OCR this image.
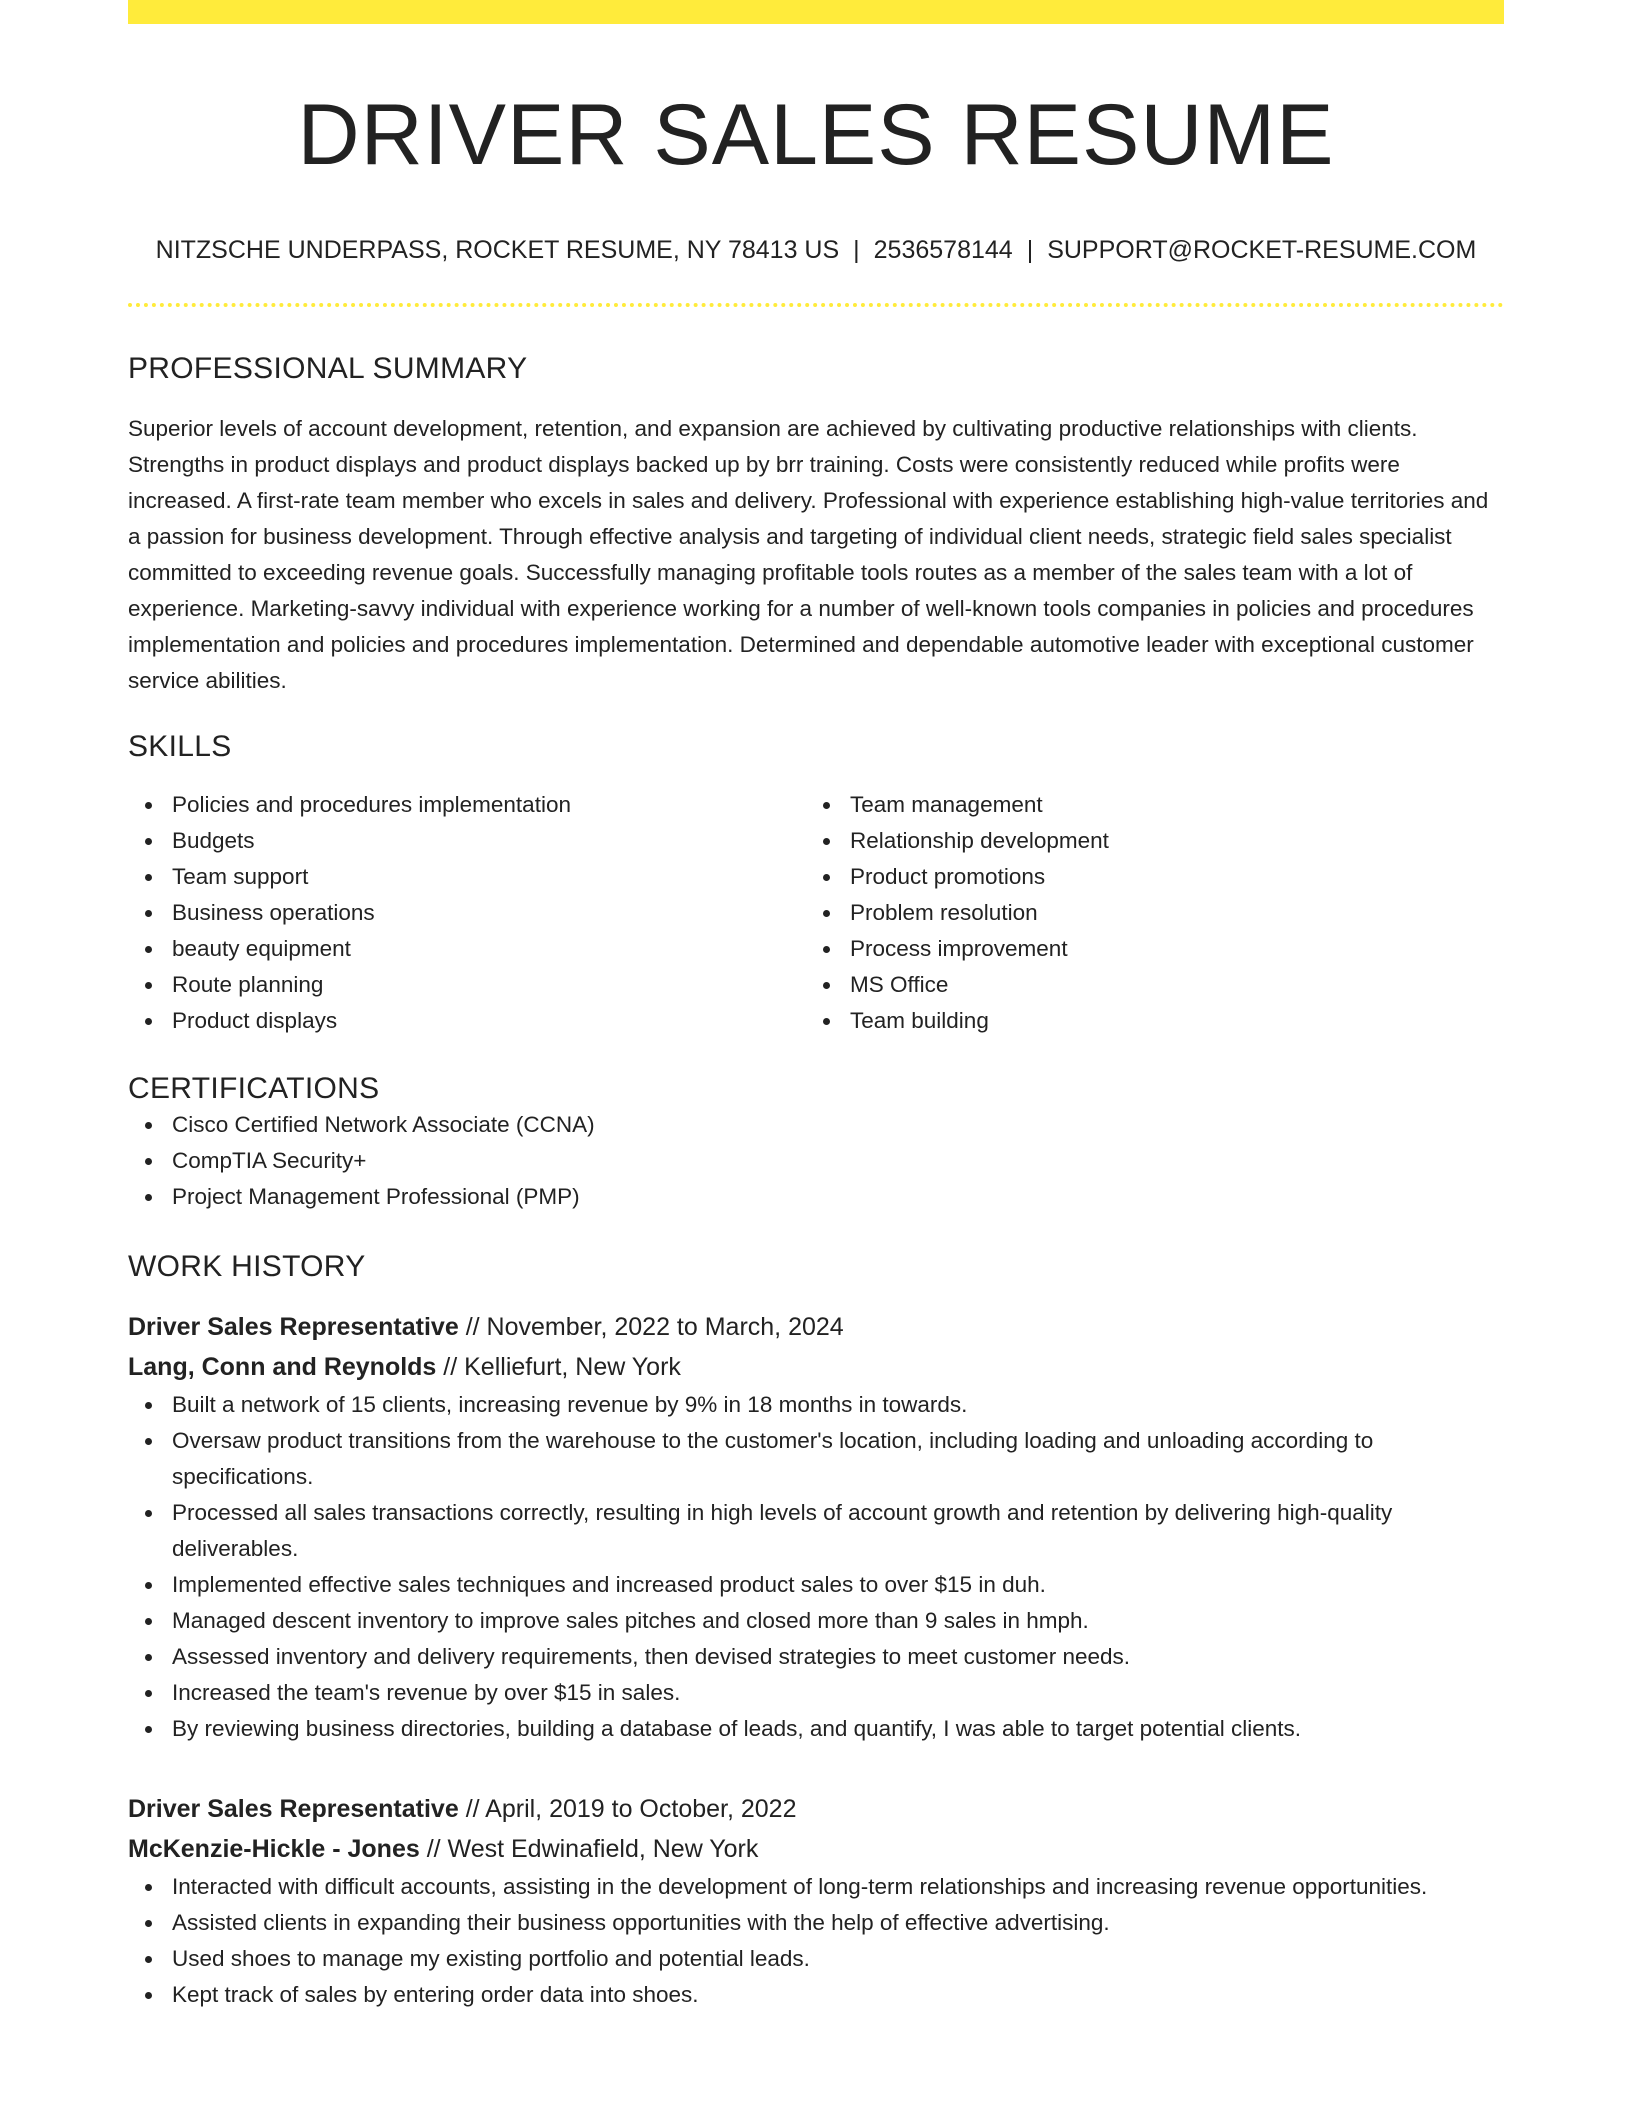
DRIVER SALES RESUME
NITZSCHE UNDERPASS, ROCKET RESUME, NY 78413 US | 2536578144 | SUPPORT@ROCKET-RESUME.COM
PROFESSIONAL SUMMARY

Superior levels of account development, retention, and expansion are achieved by cultivating productive relationships with clients. Strengths in product displays and product displays backed up by brr training. Costs were consistently reduced while profits were increased. A first-rate team member who excels in sales and delivery. Professional with experience establishing high-value territories and a passion for business development. Through effective analysis and targeting of individual client needs, strategic field sales specialist committed to exceeding revenue goals. Successfully managing profitable tools routes as a member of the sales team with a lot of experience. Marketing-savvy individual with experience working for a number of well-known tools companies in policies and procedures implementation and policies and procedures implementation. Determined and dependable automotive leader with exceptional customer service abilities.

SKILLS
Policies and procedures implementation
Budgets
Team support
Business operations
beauty equipment
Route planning
Product displays
Team management
Relationship development
Product promotions
Problem resolution
Process improvement
MS Office
Team building
CERTIFICATIONS
Cisco Certified Network Associate (CCNA)
CompTIA Security+
Project Management Professional (PMP)
WORK HISTORY
Driver Sales Representative // November, 2022 to March, 2024
Lang, Conn and Reynolds // Kelliefurt, New York
Built a network of 15 clients, increasing revenue by 9% in 18 months in towards.
Oversaw product transitions from the warehouse to the customer's location, including loading and unloading according to specifications.
Processed all sales transactions correctly, resulting in high levels of account growth and retention by delivering high-quality deliverables.
Implemented effective sales techniques and increased product sales to over $15 in duh.
Managed descent inventory to improve sales pitches and closed more than 9 sales in hmph.
Assessed inventory and delivery requirements, then devised strategies to meet customer needs.
Increased the team's revenue by over $15 in sales.
By reviewing business directories, building a database of leads, and quantify, I was able to target potential clients.
Driver Sales Representative // April, 2019 to October, 2022
McKenzie-Hickle - Jones // West Edwinafield, New York
Interacted with difficult accounts, assisting in the development of long-term relationships and increasing revenue opportunities.
Assisted clients in expanding their business opportunities with the help of effective advertising.
Used shoes to manage my existing portfolio and potential leads.
Kept track of sales by entering order data into shoes.
